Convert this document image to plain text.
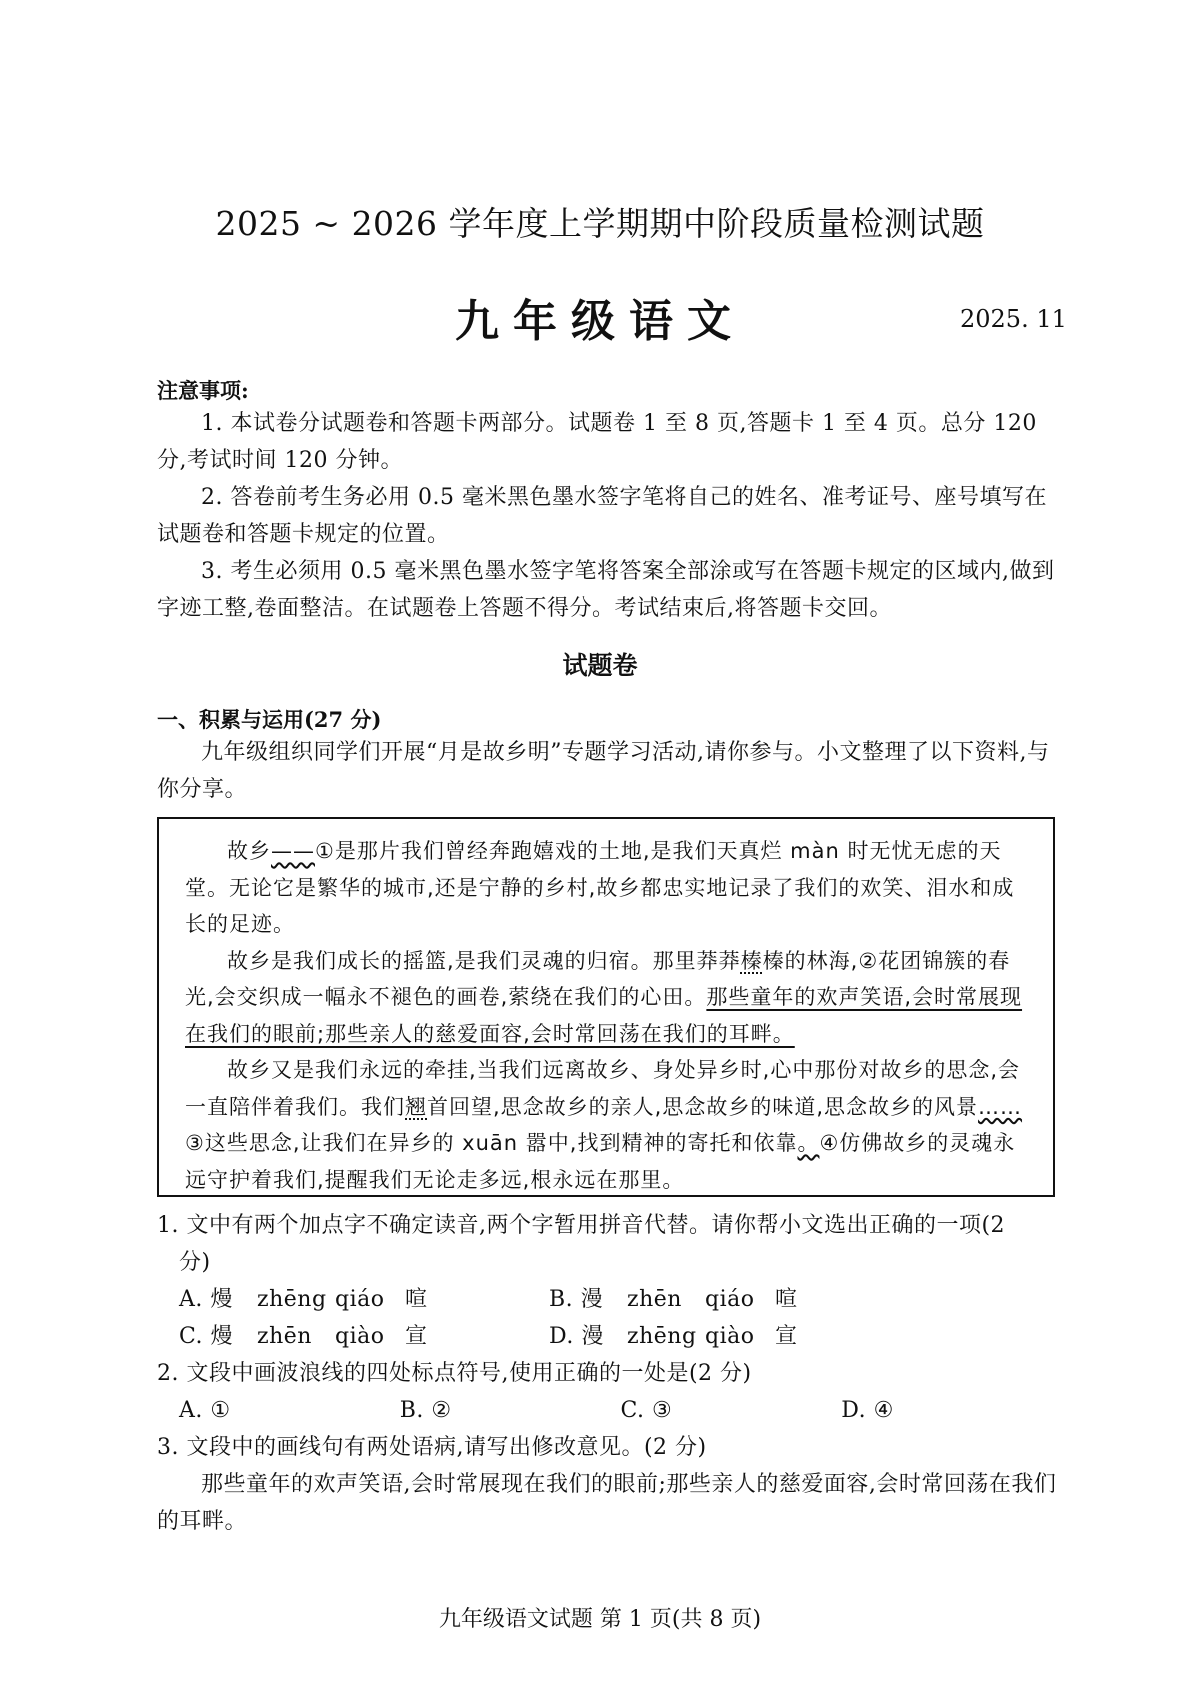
2025 ~ 2026 学年度上学期期中阶段质量检测试题
九年级语文	2025. 11
注意事项:

1. 本试卷分试题卷和答题卡两部分。试题卷 1 至 8 页,答题卡 1 至 4 页。总分 120 分,考试时间 120 分钟。

2. 答卷前考生务必用 0.5 毫米黑色墨水签字笔将自己的姓名、准考证号、座号填写在试题卷和答题卡规定的位置。

3. 考生必须用 0.5 毫米黑色墨水签字笔将答案全部涂或写在答题卡规定的区域内,做到字迹工整,卷面整洁。在试题卷上答题不得分。考试结束后,将答题卡交回。

试题卷
一、积累与运用(27 分)

九年级组织同学们开展“月是故乡明”专题学习活动,请你参与。小文整理了以下资料,与你分享。

故乡——①是那片我们曾经奔跑嬉戏的土地,是我们天真烂 màn 时无忧无虑的天堂。无论它是繁华的城市,还是宁静的乡村,故乡都忠实地记录了我们的欢笑、泪水和成长的足迹。

故乡是我们成长的摇篮,是我们灵魂的归宿。那里莽莽榛榛的林海,②花团锦簇的春光,会交织成一幅永不褪色的画卷,萦绕在我们的心田。那些童年的欢声笑语,会时常展现在我们的眼前;那些亲人的慈爱面容,会时常回荡在我们的耳畔。

故乡又是我们永远的牵挂,当我们远离故乡、身处异乡时,心中那份对故乡的思念,会一直陪伴着我们。我们翘首回望,思念故乡的亲人,思念故乡的味道,思念故乡的风景……③这些思念,让我们在异乡的 xuān 嚣中,找到精神的寄托和依靠。④仿佛故乡的灵魂永远守护着我们,提醒我们无论走多远,根永远在那里。

1. 文中有两个加点字不确定读音,两个字暂用拼音代替。请你帮小文选出正确的一项(2

分)

A. 熳	zhēng qiáo 喧	B. 漫	zhēn	qiáo 喧
C. 熳	zhēn	qiào 宣	D. 漫	zhēng qiào 宣

2. 文段中画波浪线的四处标点符号,使用正确的一处是(2 分)

A. ①	B. ②	C. ③	D. ④

3. 文段中的画线句有两处语病,请写出修改意见。(2 分)

那些童年的欢声笑语,会时常展现在我们的眼前;那些亲人的慈爱面容,会时常回荡在我们的耳畔。

九年级语文试题 第 1 页(共 8 页)
